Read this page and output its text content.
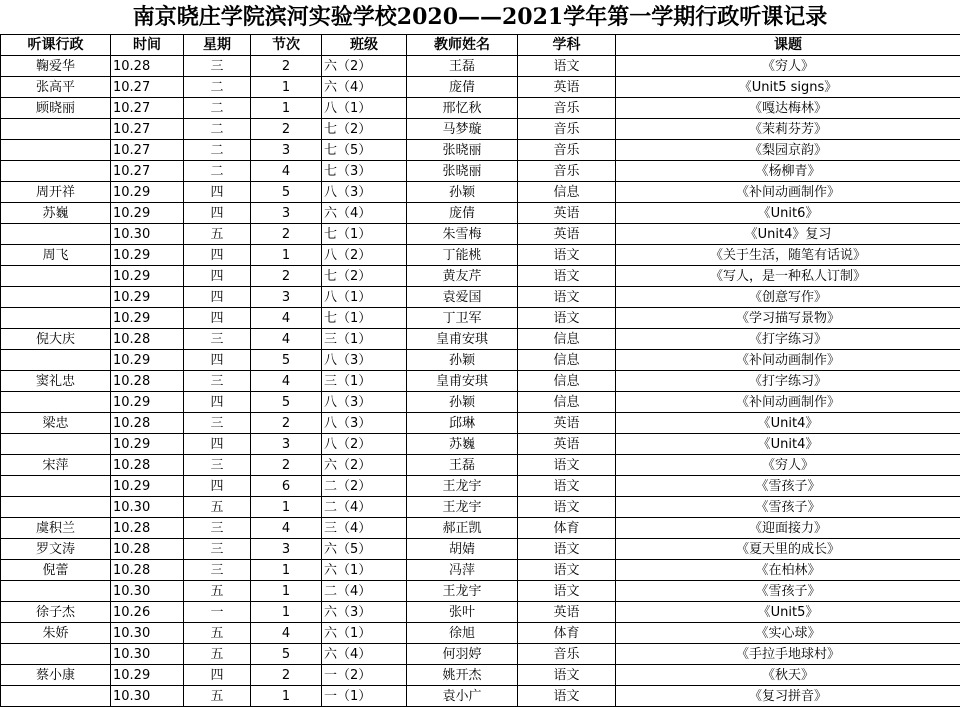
南京晓庄学院滨河实验学校2020——2021学年第一学期行政听课记录
听课行政	时间	星期	节次	班级	教师姓名	学科	课题
鞠爱华	10.28	三	2	六（2）	王磊	语文	《穷人》
张高平	10.27	二	1	六（4）	庞倩	英语	《Unit5 signs》
顾晓丽	10.27	二	1	八（1）	邢忆秋	音乐	《嘎达梅林》
	10.27	二	2	七（2）	马梦璇	音乐	《茉莉芬芳》
	10.27	二	3	七（5）	张晓丽	音乐	《梨园京韵》
	10.27	二	4	七（3）	张晓丽	音乐	《杨柳青》
周开祥	10.29	四	5	八（3）	孙颖	信息	《补间动画制作》
苏巍	10.29	四	3	六（4）	庞倩	英语	《Unit6》
	10.30	五	2	七（1）	朱雪梅	英语	《Unit4》复习
周飞	10.29	四	1	八（2）	丁能桃	语文	《关于生活，随笔有话说》
	10.29	四	2	七（2）	黄友芹	语文	《写人，是一种私人订制》
	10.29	四	3	八（1）	袁爱国	语文	《创意写作》
	10.29	四	4	七（1）	丁卫军	语文	《学习描写景物》
倪大庆	10.28	三	4	三（1）	皇甫安琪	信息	《打字练习》
	10.29	四	5	八（3）	孙颖	信息	《补间动画制作》
窦礼忠	10.28	三	4	三（1）	皇甫安琪	信息	《打字练习》
	10.29	四	5	八（3）	孙颖	信息	《补间动画制作》
梁忠	10.28	三	2	八（3）	邱琳	英语	《Unit4》
	10.29	四	3	八（2）	苏巍	英语	《Unit4》
宋萍	10.28	三	2	六（2）	王磊	语文	《穷人》
	10.29	四	6	二（2）	王龙宇	语文	《雪孩子》
	10.30	五	1	二（4）	王龙宇	语文	《雪孩子》
虞积兰	10.28	三	4	三（4）	郝正凯	体育	《迎面接力》
罗文涛	10.28	三	3	六（5）	胡婧	语文	《夏天里的成长》
倪蕾	10.28	三	1	六（1）	冯萍	语文	《在柏林》
	10.30	五	1	二（4）	王龙宇	语文	《雪孩子》
徐子杰	10.26	一	1	六（3）	张叶	英语	《Unit5》
朱娇	10.30	五	4	六（1）	徐旭	体育	《实心球》
	10.30	五	5	六（4）	何羽婷	音乐	《手拉手地球村》
蔡小康	10.29	四	2	一（2）	姚开杰	语文	《秋天》
	10.30	五	1	一（1）	袁小广	语文	《复习拼音》
